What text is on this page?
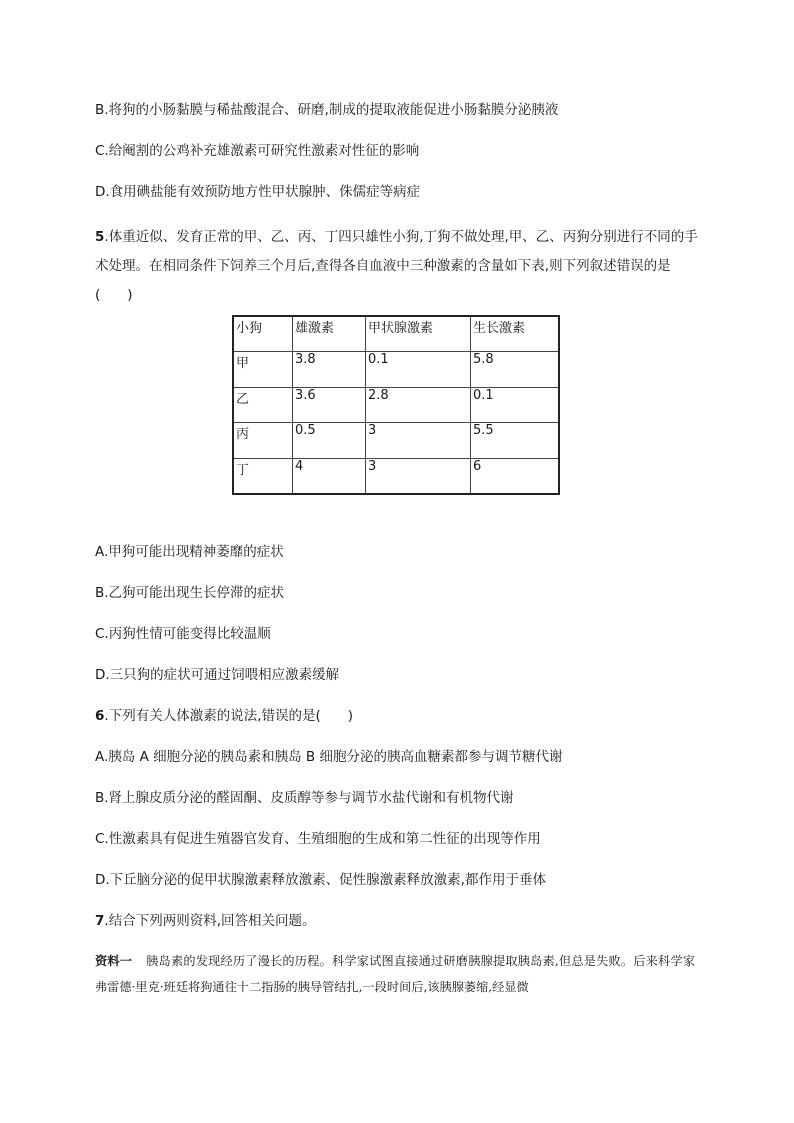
B.将狗的小肠黏膜与稀盐酸混合、研磨,制成的提取液能促进小肠黏膜分泌胰液
C.给阉割的公鸡补充雄激素可研究性激素对性征的影响
D.食用碘盐能有效预防地方性甲状腺肿、侏儒症等病症
5.体重近似、发育正常的甲、乙、丙、丁四只雄性小狗,丁狗不做处理,甲、乙、丙狗分别进行不同的手术处理。在相同条件下饲养三个月后,查得各自血液中三种激素的含量如下表,则下列叙述错误的是(　　)
小狗	雄激素	甲状腺激素	生长激素
甲	3.8	0.1	5.8
乙	3.6	2.8	0.1
丙	0.5	3	5.5
丁	4	3	6
A.甲狗可能出现精神萎靡的症状
B.乙狗可能出现生长停滞的症状
C.丙狗性情可能变得比较温顺
D.三只狗的症状可通过饲喂相应激素缓解
6.下列有关人体激素的说法,错误的是(　　)
A.胰岛 A 细胞分泌的胰岛素和胰岛 B 细胞分泌的胰高血糖素都参与调节糖代谢
B.肾上腺皮质分泌的醛固酮、皮质醇等参与调节水盐代谢和有机物代谢
C.性激素具有促进生殖器官发育、生殖细胞的生成和第二性征的出现等作用
D.下丘脑分泌的促甲状腺激素释放激素、促性腺激素释放激素,都作用于垂体
7.结合下列两则资料,回答相关问题。
资料一 胰岛素的发现经历了漫长的历程。科学家试图直接通过研磨胰腺提取胰岛素,但总是失败。后来科学家弗雷德·里克·班廷将狗通往十二指肠的胰导管结扎,一段时间后,该胰腺萎缩,经显微
